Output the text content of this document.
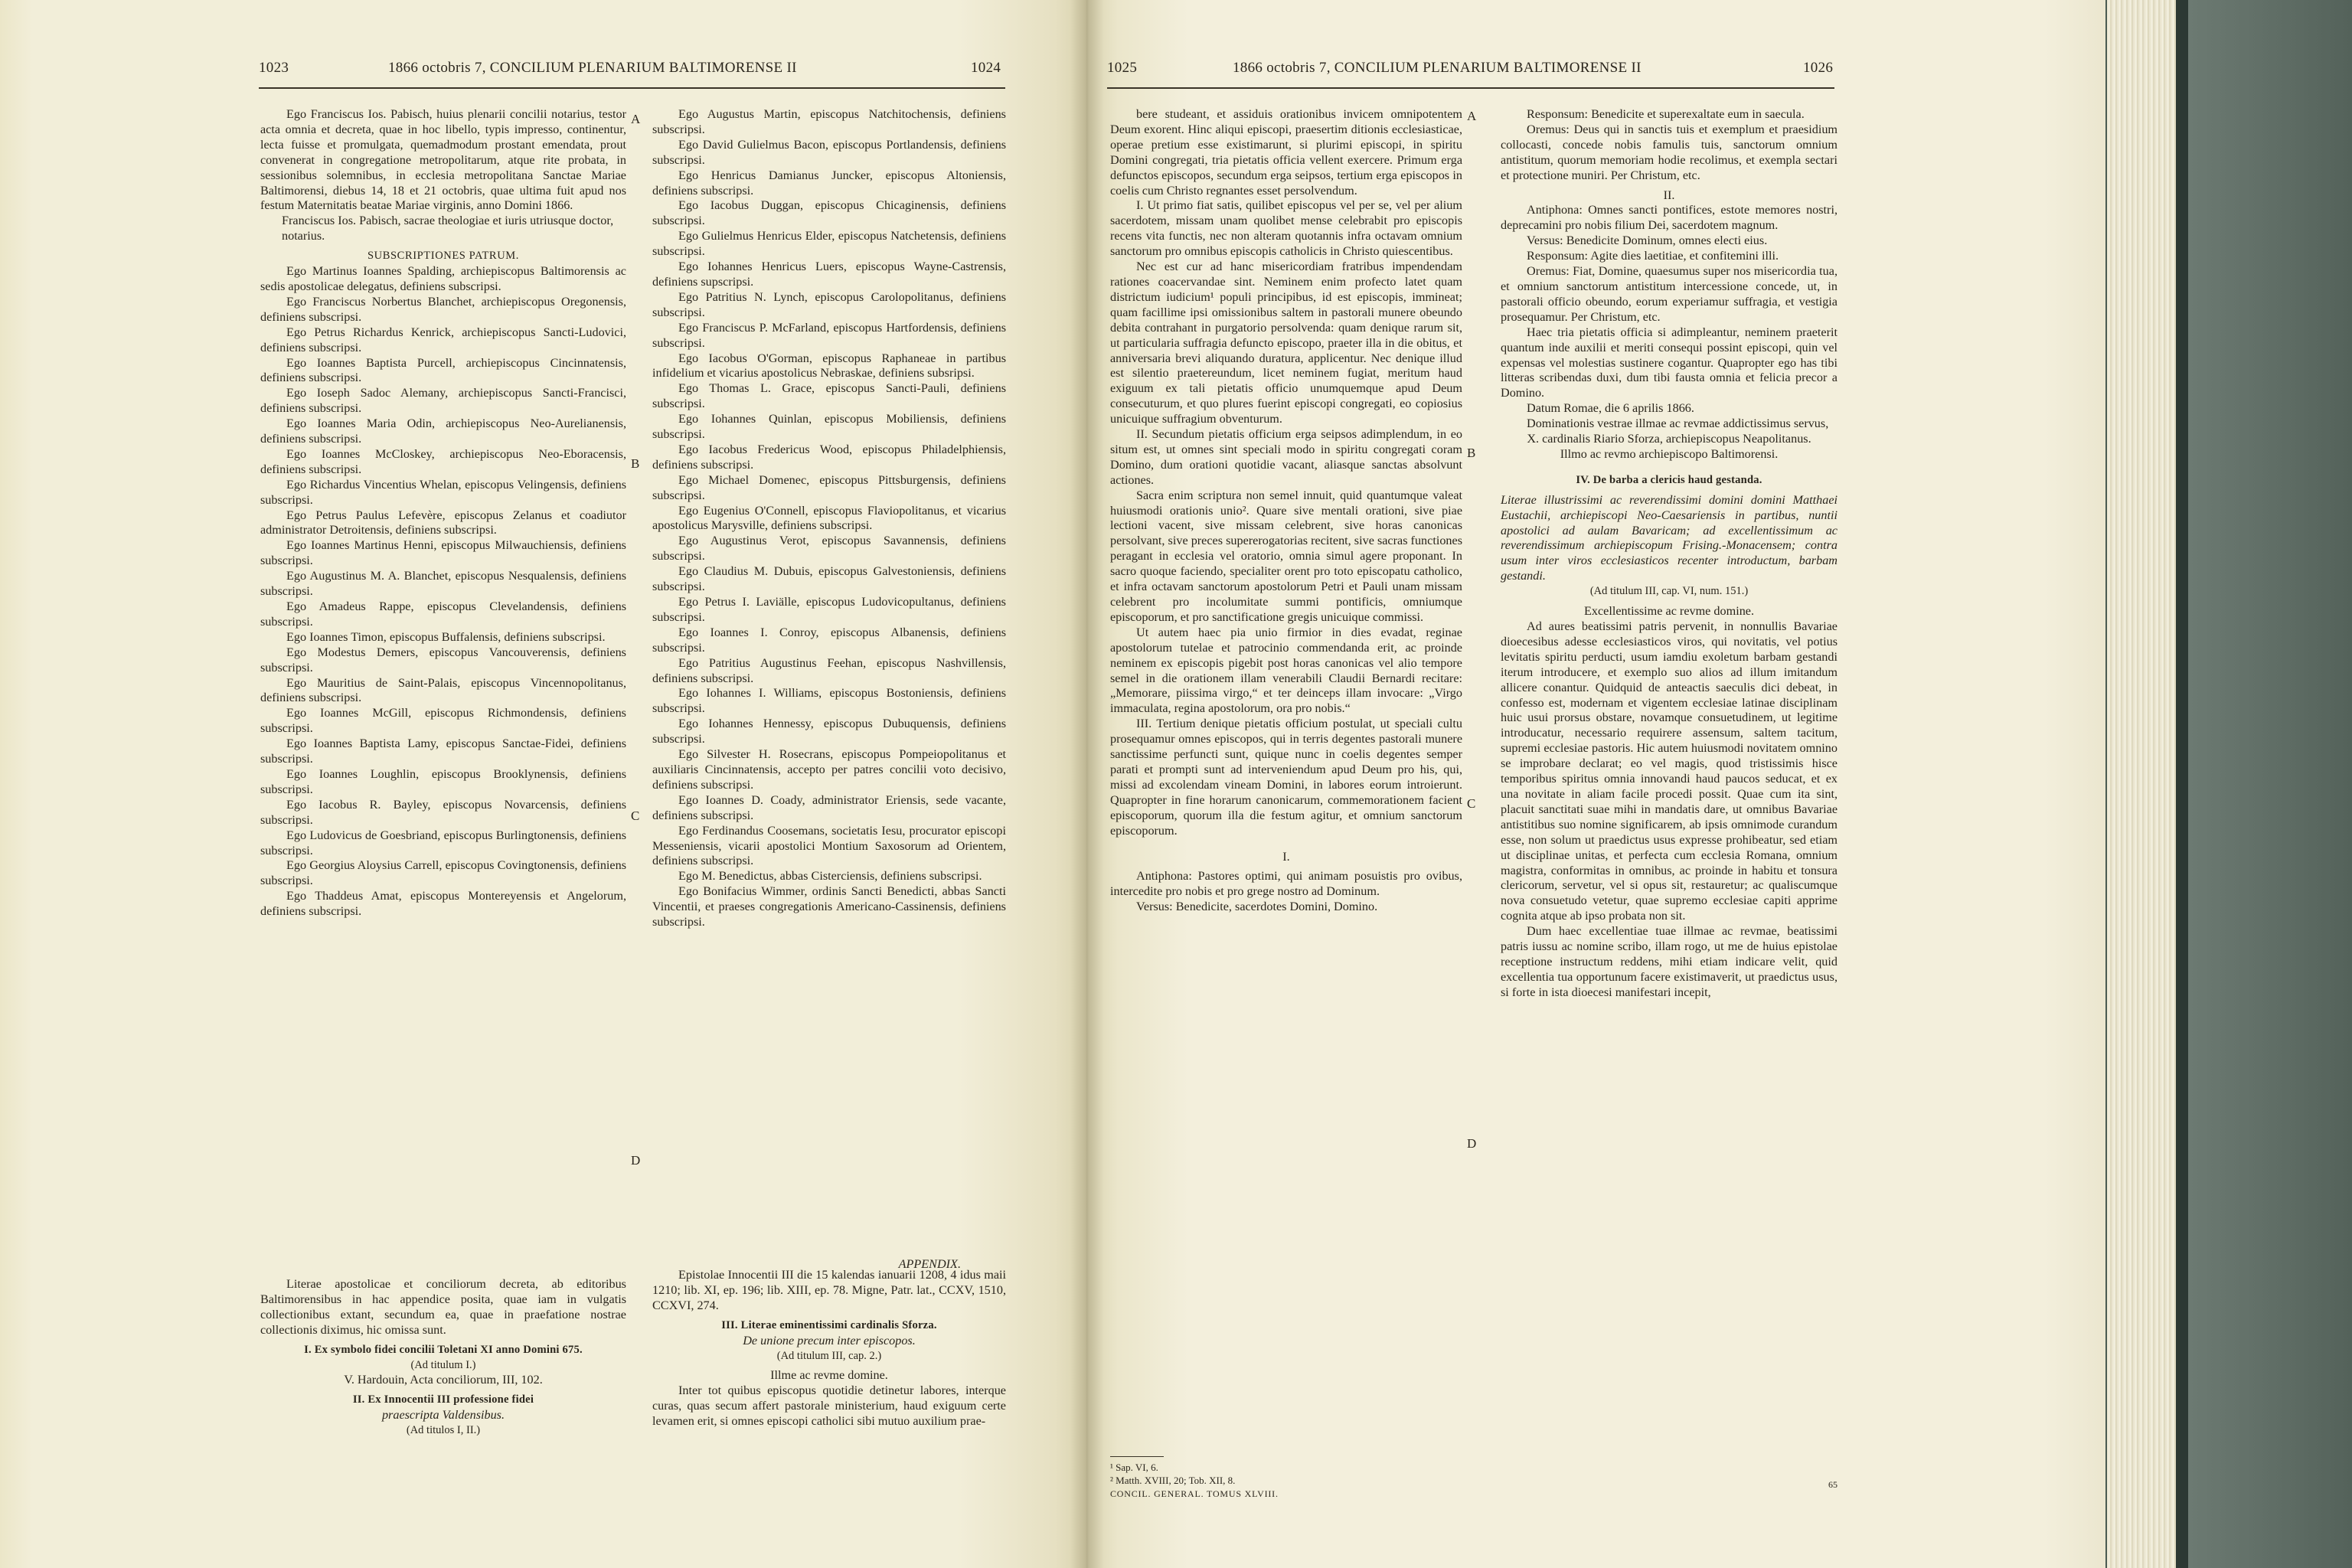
1023	1866 octobris 7, CONCILIUM PLENARIUM BALTIMORENSE II	1024

Ego Franciscus Ios. Pabisch, huius plenarii concilii notarius, testor acta omnia et decreta, quae in hoc libello, typis impresso, continentur, lecta fuisse et promulgata, quemadmodum prostant emendata, prout convenerat in congregatione metropolitarum, atque rite probata, in sessionibus solemnibus, in ecclesia metropolitana Sanctae Mariae Baltimorensi, diebus 14, 18 et 21 octobris, quae ultima fuit apud nos festum Maternitatis beatae Mariae virginis, anno Domini 1866.

Franciscus Ios. Pabisch, sacrae theologiae et iuris utriusque doctor, notarius.

SUBSCRIPTIONES PATRUM.

Ego Martinus Ioannes Spalding, archiepiscopus Baltimorensis ac sedis apostolicae delegatus, definiens subscripsi.

Ego Franciscus Norbertus Blanchet, archiepiscopus Oregonensis, definiens subscripsi.

Ego Petrus Richardus Kenrick, archiepiscopus Sancti-Ludovici, definiens subscripsi.

Ego Ioannes Baptista Purcell, archiepiscopus Cincinnatensis, definiens subscripsi.

Ego Ioseph Sadoc Alemany, archiepiscopus Sancti-Francisci, definiens subscripsi.

Ego Ioannes Maria Odin, archiepiscopus Neo-Aurelianensis, definiens subscripsi.

Ego Ioannes McCloskey, archiepiscopus Neo-Eboracensis, definiens subscripsi.

Ego Richardus Vincentius Whelan, episcopus Velingensis, definiens subscripsi.

Ego Petrus Paulus Lefevère, episcopus Zelanus et coadiutor administrator Detroitensis, definiens subscripsi.

Ego Ioannes Martinus Henni, episcopus Milwauchiensis, definiens subscripsi.

Ego Augustinus M. A. Blanchet, episcopus Nesqualensis, definiens subscripsi.

Ego Amadeus Rappe, episcopus Clevelandensis, definiens subscripsi.

Ego Ioannes Timon, episcopus Buffalensis, definiens subscripsi.

Ego Modestus Demers, episcopus Vancouverensis, definiens subscripsi.

Ego Mauritius de Saint-Palais, episcopus Vincennopolitanus, definiens subscripsi.

Ego Ioannes McGill, episcopus Richmondensis, definiens subscripsi.

Ego Ioannes Baptista Lamy, episcopus Sanctae-Fidei, definiens subscripsi.

Ego Ioannes Loughlin, episcopus Brooklynensis, definiens subscripsi.

Ego Iacobus R. Bayley, episcopus Novarcensis, definiens subscripsi.

Ego Ludovicus de Goesbriand, episcopus Burlingtonensis, definiens subscripsi.

Ego Georgius Aloysius Carrell, episcopus Covingtonensis, definiens subscripsi.

Ego Thaddeus Amat, episcopus Montereyensis et Angelorum, definiens subscripsi.

Ego Augustus Martin, episcopus Natchitochensis, definiens subscripsi.

Ego David Gulielmus Bacon, episcopus Portlandensis, definiens subscripsi.

Ego Henricus Damianus Juncker, episcopus Altoniensis, definiens subscripsi.

Ego Iacobus Duggan, episcopus Chicaginensis, definiens subscripsi.

Ego Gulielmus Henricus Elder, episcopus Natchetensis, definiens subscripsi.

Ego Iohannes Henricus Luers, episcopus Wayne-Castrensis, definiens supscripsi.

Ego Patritius N. Lynch, episcopus Carolopolitanus, definiens subscripsi.

Ego Franciscus P. McFarland, episcopus Hartfordensis, definiens subscripsi.

Ego Iacobus O'Gorman, episcopus Raphaneae in partibus infidelium et vicarius apostolicus Nebraskae, definiens subsripsi.

Ego Thomas L. Grace, episcopus Sancti-Pauli, definiens subscripsi.

Ego Iohannes Quinlan, episcopus Mobiliensis, definiens subscripsi.

Ego Iacobus Fredericus Wood, episcopus Philadelphiensis, definiens subscripsi.

Ego Michael Domenec, episcopus Pittsburgensis, definiens subscripsi.

Ego Eugenius O'Connell, episcopus Flaviopolitanus, et vicarius apostolicus Marysville, definiens subscripsi.

Ego Augustinus Verot, episcopus Savannensis, definiens subscripsi.

Ego Claudius M. Dubuis, episcopus Galvestoniensis, definiens subscripsi.

Ego Petrus I. Laviälle, episcopus Ludovicopultanus, definiens subscripsi.

Ego Ioannes I. Conroy, episcopus Albanensis, definiens subscripsi.

Ego Patritius Augustinus Feehan, episcopus Nashvillensis, definiens subscripsi.

Ego Iohannes I. Williams, episcopus Bostoniensis, definiens subscripsi.

Ego Iohannes Hennessy, episcopus Dubuquensis, definiens subscripsi.

Ego Silvester H. Rosecrans, episcopus Pompeiopolitanus et auxiliaris Cincinnatensis, accepto per patres concilii voto decisivo, definiens subscripsi.

Ego Ioannes D. Coady, administrator Eriensis, sede vacante, definiens subscripsi.

Ego Ferdinandus Coosemans, societatis Iesu, procurator episcopi Messeniensis, vicarii apostolici Montium Saxosorum ad Orientem, definiens subscripsi.

Ego M. Benedictus, abbas Cisterciensis, definiens subscripsi.

Ego Bonifacius Wimmer, ordinis Sancti Benedicti, abbas Sancti Vincentii, et praeses congregationis Americano-Cassinensis, definiens subscripsi.

A
B
C
D

APPENDIX.

Literae apostolicae et conciliorum decreta, ab editoribus Baltimorensibus in hac appendice posita, quae iam in vulgatis collectionibus extant, secundum ea, quae in praefatione nostrae collectionis diximus, hic omissa sunt.

I. Ex symbolo fidei concilii Toletani XI anno Domini 675.

(Ad titulum I.)

V. Hardouin, Acta conciliorum, III, 102.

II. Ex Innocentii III professione fidei

praescripta Valdensibus.

(Ad titulos I, II.)

Epistolae Innocentii III die 15 kalendas ianuarii 1208, 4 idus maii 1210; lib. XI, ep. 196; lib. XIII, ep. 78. Migne, Patr. lat., CCXV, 1510, CCXVI, 274.

III. Literae eminentissimi cardinalis Sforza.

De unione precum inter episcopos.

(Ad titulum III, cap. 2.)

Illme ac revme domine.

Inter tot quibus episcopus quotidie detinetur labores, interque curas, quas secum affert pastorale ministerium, haud exiguum certe levamen erit, si omnes episcopi catholici sibi mutuo auxilium prae-

1025	1866 octobris 7, CONCILIUM PLENARIUM BALTIMORENSE II	1026

bere studeant, et assiduis orationibus invicem omnipotentem Deum exorent. Hinc aliqui episcopi, praesertim ditionis ecclesiasticae, operae pretium esse existimarunt, si plurimi episcopi, in spiritu Domini congregati, tria pietatis officia vellent exercere. Primum erga defunctos episcopos, secundum erga seipsos, tertium erga episcopos in coelis cum Christo regnantes esset persolvendum.

I. Ut primo fiat satis, quilibet episcopus vel per se, vel per alium sacerdotem, missam unam quolibet mense celebrabit pro episcopis recens vita functis, nec non alteram quotannis infra octavam omnium sanctorum pro omnibus episcopis catholicis in Christo quiescentibus.

Nec est cur ad hanc misericordiam fratribus impendendam rationes coacervandae sint. Neminem enim profecto latet quam districtum iudicium¹ populi principibus, id est episcopis, immineat; quam facillime ipsi omissionibus saltem in pastorali munere obeundo debita contrahant in purgatorio persolvenda: quam denique rarum sit, ut particularia suffragia defuncto episcopo, praeter illa in die obitus, et anniversaria brevi aliquando duratura, applicentur. Nec denique illud est silentio praetereundum, licet neminem fugiat, meritum haud exiguum ex tali pietatis officio unumquemque apud Deum consecuturum, et quo plures fuerint episcopi congregati, eo copiosius unicuique suffragium obventurum.

II. Secundum pietatis officium erga seipsos adimplendum, in eo situm est, ut omnes sint speciali modo in spiritu congregati coram Domino, dum orationi quotidie vacant, aliasque sanctas absolvunt actiones.

Sacra enim scriptura non semel innuit, quid quantumque valeat huiusmodi orationis unio². Quare sive mentali orationi, sive piae lectioni vacent, sive missam celebrent, sive horas canonicas persolvant, sive preces supererogatorias recitent, sive sacras functiones peragant in ecclesia vel oratorio, omnia simul agere proponant. In sacro quoque faciendo, specialiter orent pro toto episcopatu catholico, et infra octavam sanctorum apostolorum Petri et Pauli unam missam celebrent pro incolumitate summi pontificis, omniumque episcoporum, et pro sanctificatione gregis unicuique commissi.

Ut autem haec pia unio firmior in dies evadat, reginae apostolorum tutelae et patrocinio commendanda erit, ac proinde neminem ex episcopis pigebit post horas canonicas vel alio tempore semel in die orationem illam venerabili Claudii Bernardi recitare: „Memorare, piissima virgo,“ et ter deinceps illam invocare: „Virgo immaculata, regina apostolorum, ora pro nobis.“

III. Tertium denique pietatis officium postulat, ut speciali cultu prosequamur omnes episcopos, qui in terris degentes pastorali munere sanctissime perfuncti sunt, quique nunc in coelis degentes semper parati et prompti sunt ad interveniendum apud Deum pro his, qui, missi ad excolendam vineam Domini, in labores eorum introierunt. Quapropter in fine horarum canonicarum, commemorationem facient episcoporum, quorum illa die festum agitur, et omnium sanctorum episcoporum.

I.

Antiphona: Pastores optimi, qui animam posuistis pro ovibus, intercedite pro nobis et pro grege nostro ad Dominum.

Versus: Benedicite, sacerdotes Domini, Domino.

Responsum: Benedicite et superexaltate eum in saecula.

Oremus: Deus qui in sanctis tuis et exemplum et praesidium collocasti, concede nobis famulis tuis, sanctorum omnium antistitum, quorum memoriam hodie recolimus, et exempla sectari et protectione muniri. Per Christum, etc.

II.

Antiphona: Omnes sancti pontifices, estote memores nostri, deprecamini pro nobis filium Dei, sacerdotem magnum.

Versus: Benedicite Dominum, omnes electi eius.

Responsum: Agite dies laetitiae, et confitemini illi.

Oremus: Fiat, Domine, quaesumus super nos misericordia tua, et omnium sanctorum antistitum intercessione concede, ut, in pastorali officio obeundo, eorum experiamur suffragia, et vestigia prosequamur. Per Christum, etc.

Haec tria pietatis officia si adimpleantur, neminem praeterit quantum inde auxilii et meriti consequi possint episcopi, quin vel expensas vel molestias sustinere cogantur. Quapropter ego has tibi litteras scribendas duxi, dum tibi fausta omnia et felicia precor a Domino.

Datum Romae, die 6 aprilis 1866.

Dominationis vestrae illmae ac revmae addictissimus servus,

X. cardinalis Riario Sforza, archiepiscopus Neapolitanus.

Illmo ac revmo archiepiscopo Baltimorensi.

IV. De barba a clericis haud gestanda.

Literae illustrissimi ac reverendissimi domini domini Matthaei Eustachii, archiepiscopi Neo-Caesariensis in partibus, nuntii apostolici ad aulam Bavaricam; ad excellentissimum ac reverendissimum archiepiscopum Frising.-Monacensem; contra usum inter viros ecclesiasticos recenter introductum, barbam gestandi.

(Ad titulum III, cap. VI, num. 151.)

Excellentissime ac revme domine.

Ad aures beatissimi patris pervenit, in nonnullis Bavariae dioecesibus adesse ecclesiasticos viros, qui novitatis, vel potius levitatis spiritu perducti, usum iamdiu exoletum barbam gestandi iterum introducere, et exemplo suo alios ad illum imitandum allicere conantur. Quidquid de anteactis saeculis dici debeat, in confesso est, modernam et vigentem ecclesiae latinae disciplinam huic usui prorsus obstare, novamque consuetudinem, ut legitime introducatur, necessario requirere assensum, saltem tacitum, supremi ecclesiae pastoris. Hic autem huiusmodi novitatem omnino se improbare declarat; eo vel magis, quod tristissimis hisce temporibus spiritus omnia innovandi haud paucos seducat, et ex una novitate in aliam facile procedi possit. Quae cum ita sint, placuit sanctitati suae mihi in mandatis dare, ut omnibus Bavariae antistitibus suo nomine significarem, ab ipsis omnimode curandum esse, non solum ut praedictus usus expresse prohibeatur, sed etiam ut disciplinae unitas, et perfecta cum ecclesia Romana, omnium magistra, conformitas in omnibus, ac proinde in habitu et tonsura clericorum, servetur, vel si opus sit, restauretur; ac qualiscumque nova consuetudo vetetur, quae supremo ecclesiae capiti apprime cognita atque ab ipso probata non sit.

Dum haec excellentiae tuae illmae ac revmae, beatissimi patris iussu ac nomine scribo, illam rogo, ut me de huius epistolae receptione instructum reddens, mihi etiam indicare velit, quid excellentia tua opportunum facere existimaverit, ut praedictus usus, si forte in ista dioecesi manifestari incepit,

A
B
C
D

¹ Sap. VI, 6.

² Matth. XVIII, 20; Tob. XII, 8.

CONCIL. GENERAL. TOMUS XLVIII.

65
